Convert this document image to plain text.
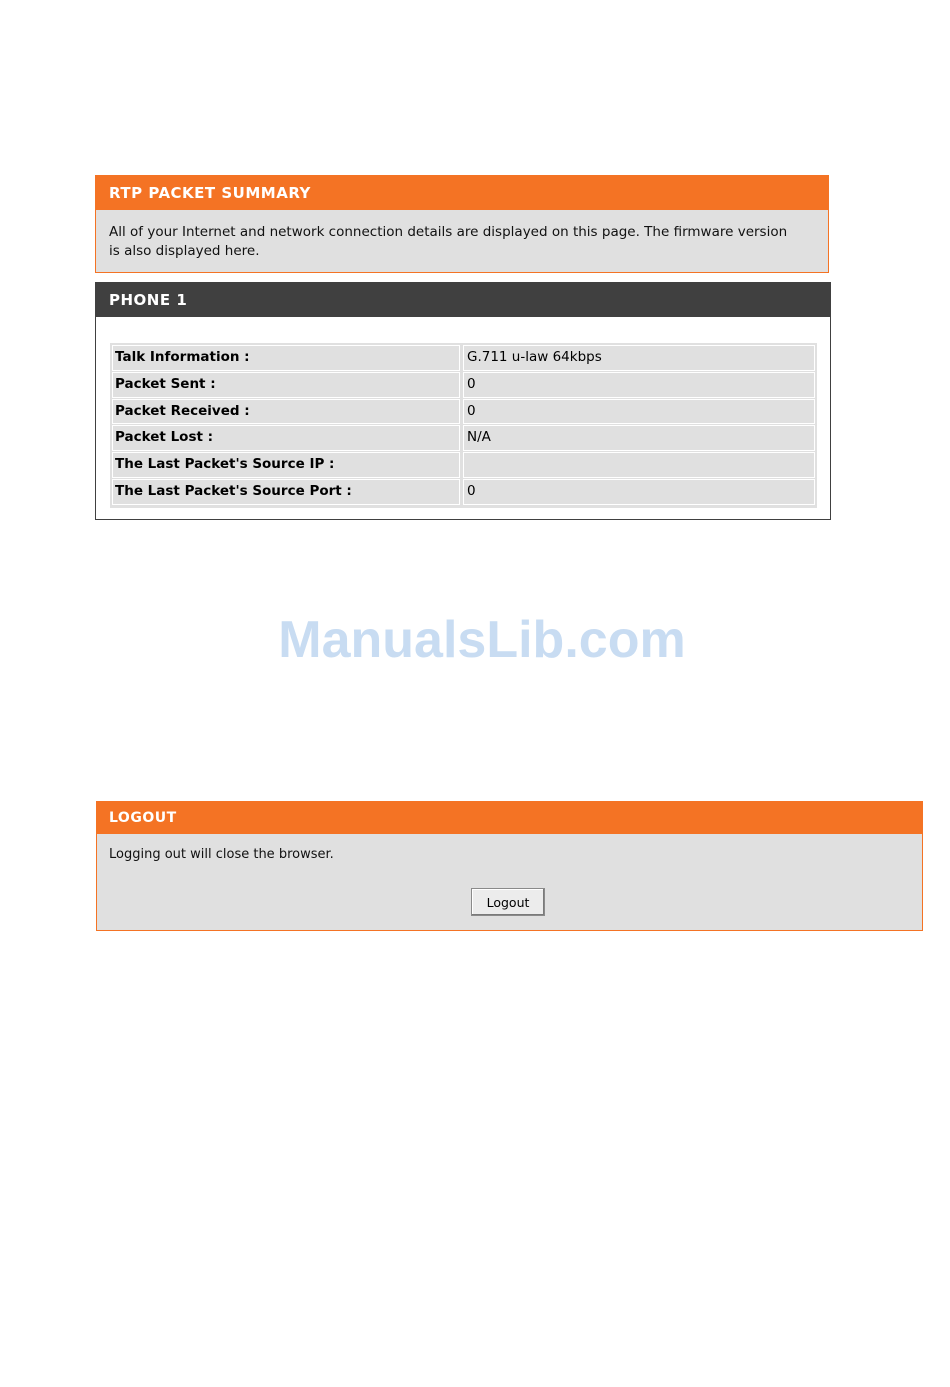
RTP PACKET SUMMARY
All of your Internet and network connection details are displayed on this page. The firmware version is also displayed here.
PHONE 1
Talk Information :	G.711 u-law 64kbps
Packet Sent :	0
Packet Received :	0
Packet Lost :	N/A
The Last Packet's Source IP :
The Last Packet's Source Port :	0
ManualsLib.com
LOGOUT
Logging out will close the browser.
Logout
